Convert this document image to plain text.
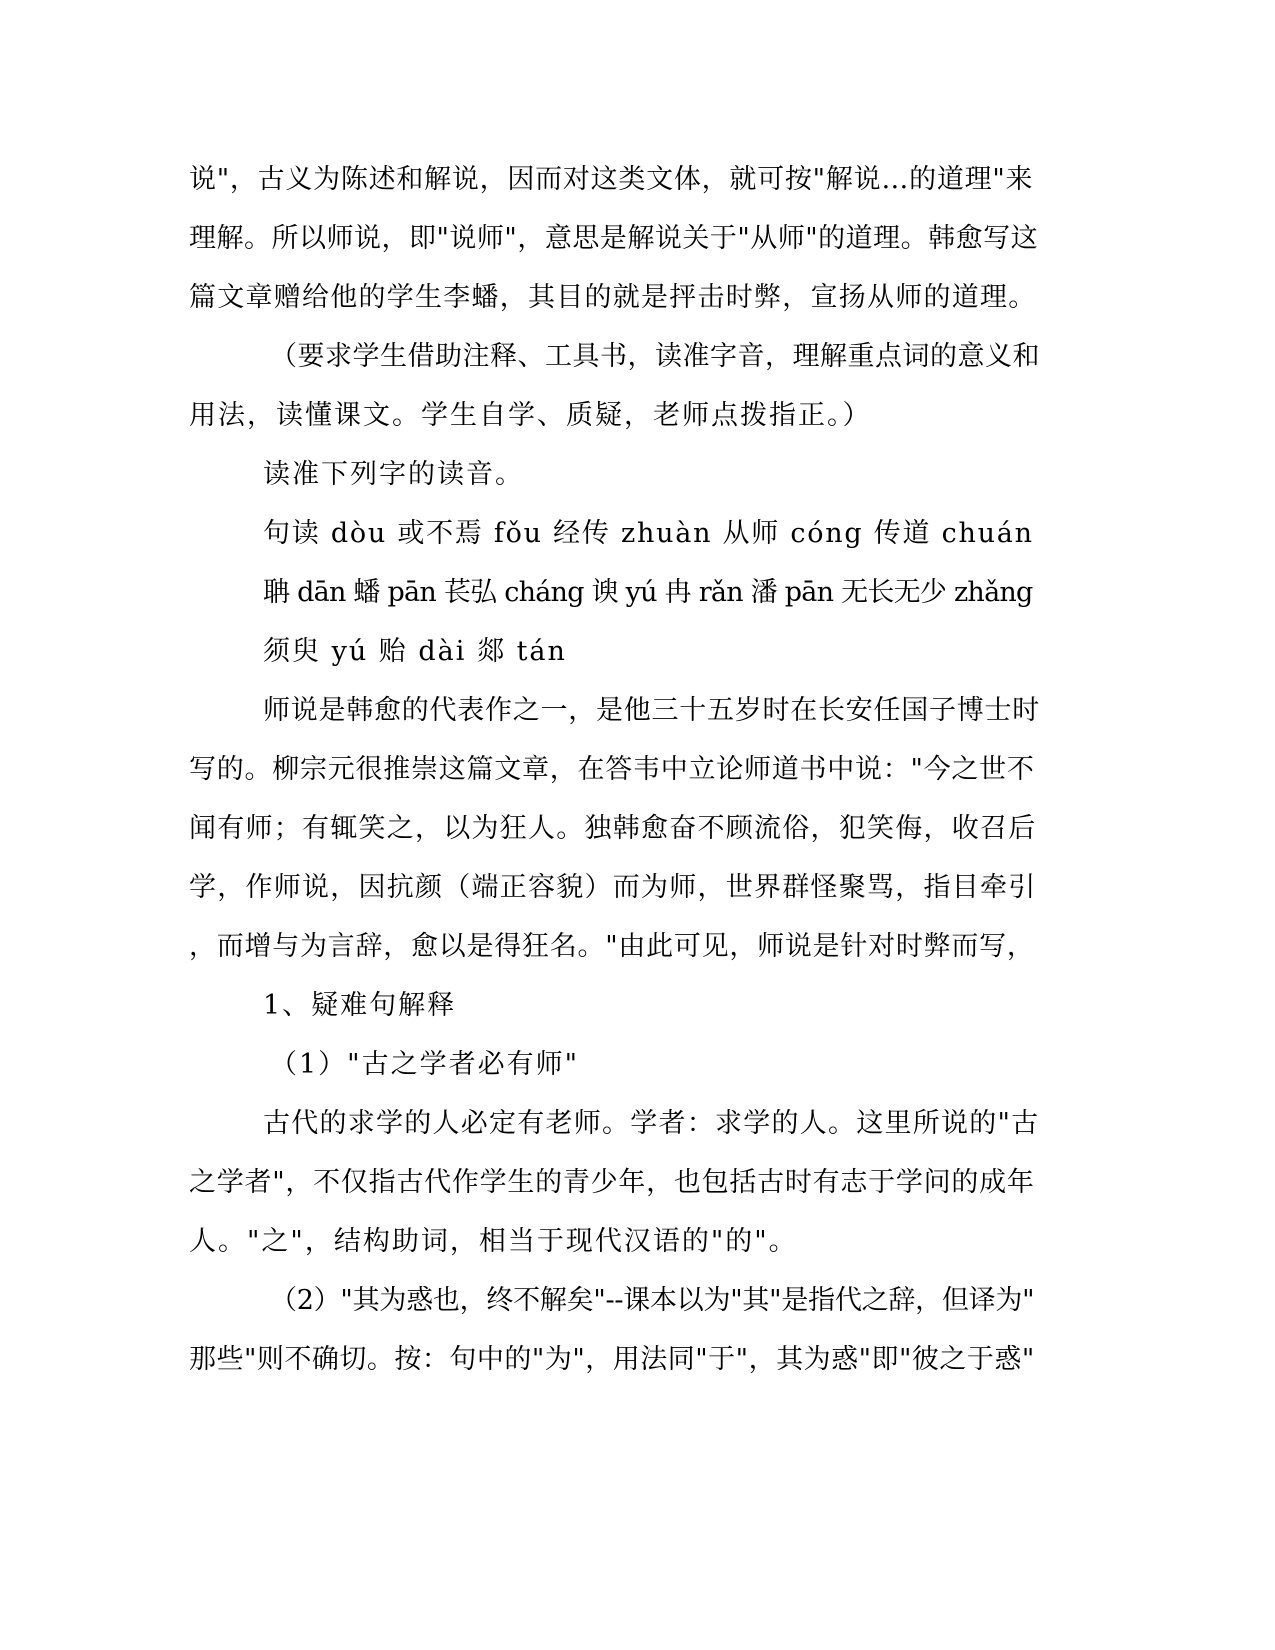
说"，古义为陈述和解说，因而对这类文体，就可按"解说…的道理"来
理解。所以师说，即"说师"，意思是解说关于"从师"的道理。韩愈写这
篇文章赠给他的学生李蟠，其目的就是抨击时弊，宣扬从师的道理。
（要求学生借助注释、工具书，读准字音，理解重点词的意义和
用法，读懂课文。学生自学、质疑，老师点拨指正。）
读准下列字的读音。
句读 dòu 或不焉 fǒu 经传 zhuàn 从师 cóng 传道 chuán
聃 dān 蟠 pān 苌弘 cháng 谀 yú 冉 rǎn 潘 pān 无长无少 zhǎng
须臾 yú 贻 dài 郯 tán
师说是韩愈的代表作之一，是他三十五岁时在长安任国子博士时
写的。柳宗元很推崇这篇文章，在答韦中立论师道书中说："今之世不
闻有师；有辄笑之，以为狂人。独韩愈奋不顾流俗，犯笑侮，收召后
学，作师说，因抗颜（端正容貌）而为师，世界群怪聚骂，指目牵引
，而增与为言辞，愈以是得狂名。"由此可见，师说是针对时弊而写，
1、疑难句解释
（1）"古之学者必有师"
古代的求学的人必定有老师。学者：求学的人。这里所说的"古
之学者"，不仅指古代作学生的青少年，也包括古时有志于学问的成年
人。"之"，结构助词，相当于现代汉语的"的"。
（2）"其为惑也，终不解矣"--课本以为"其"是指代之辞，但译为"
那些"则不确切。按：句中的"为"，用法同"于"，其为惑"即"彼之于惑"
